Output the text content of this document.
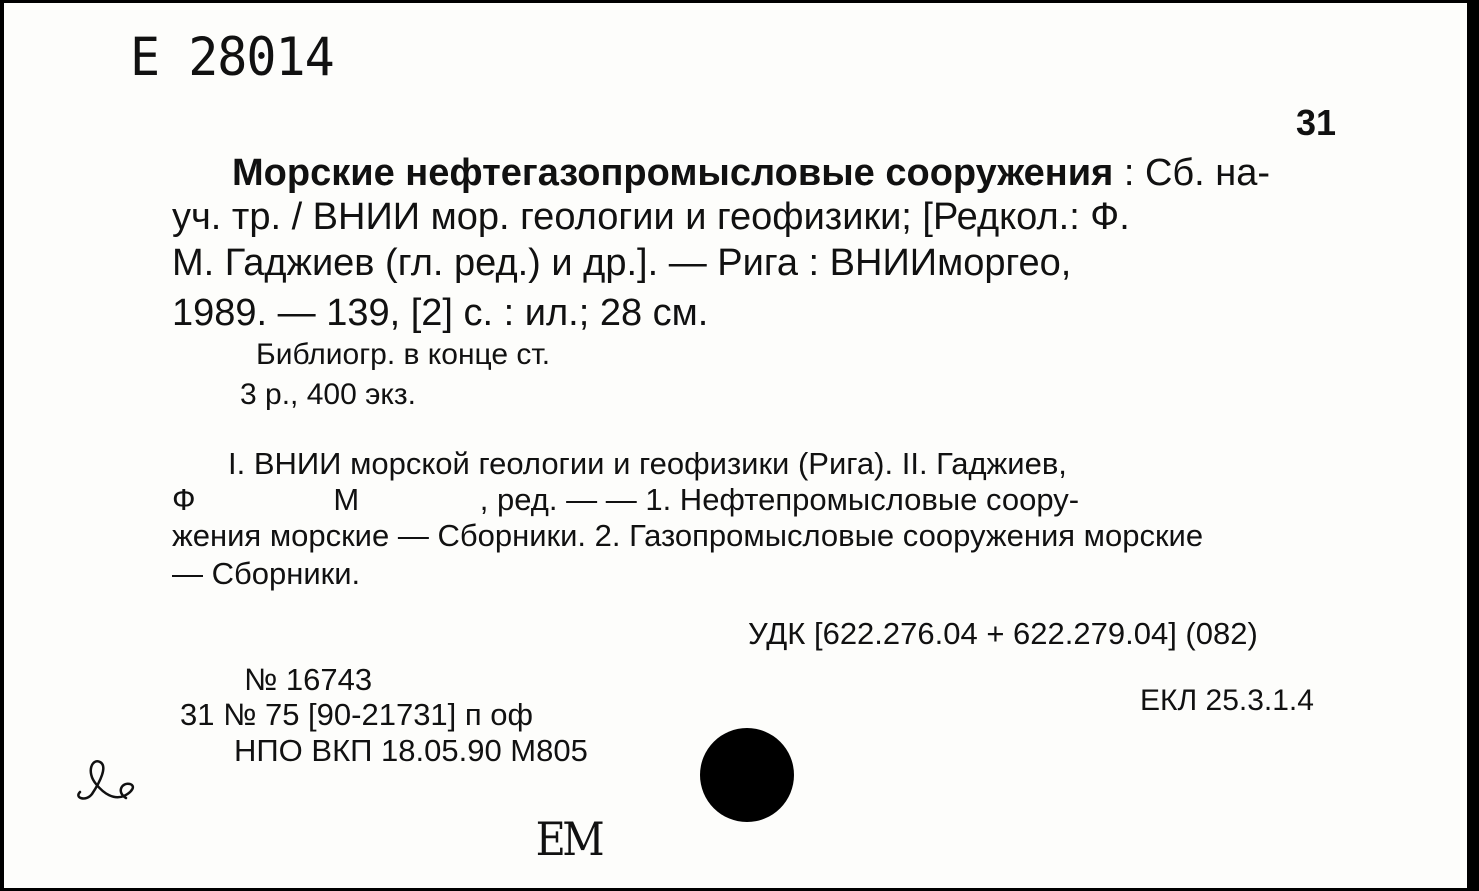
Е 28014
31
Морские нефтегазопромысловые сооружения : Сб. на-
уч. тр. / ВНИИ мор. геологии и геофизики; [Редкол.: Ф.
М. Гаджиев (гл. ред.) и др.]. — Рига : ВНИИморгео,
1989. — 139, [2] с. : ил.; 28 см.
Библиогр. в конце ст.
3 р., 400 экз.
I. ВНИИ морской геологии и геофизики (Рига). II. Гаджиев,
Ф                М              , ред. — — 1. Нефтепромысловые соору-
жения морские — Сборники. 2. Газопромысловые сооружения морские
— Сборники.
УДК [622.276.04 + 622.279.04] (082)
ЕКЛ 25.3.1.4
№ 16743
31 № 75 [90-21731] п оф
НПО ВКП 18.05.90 М805
ЕМ
